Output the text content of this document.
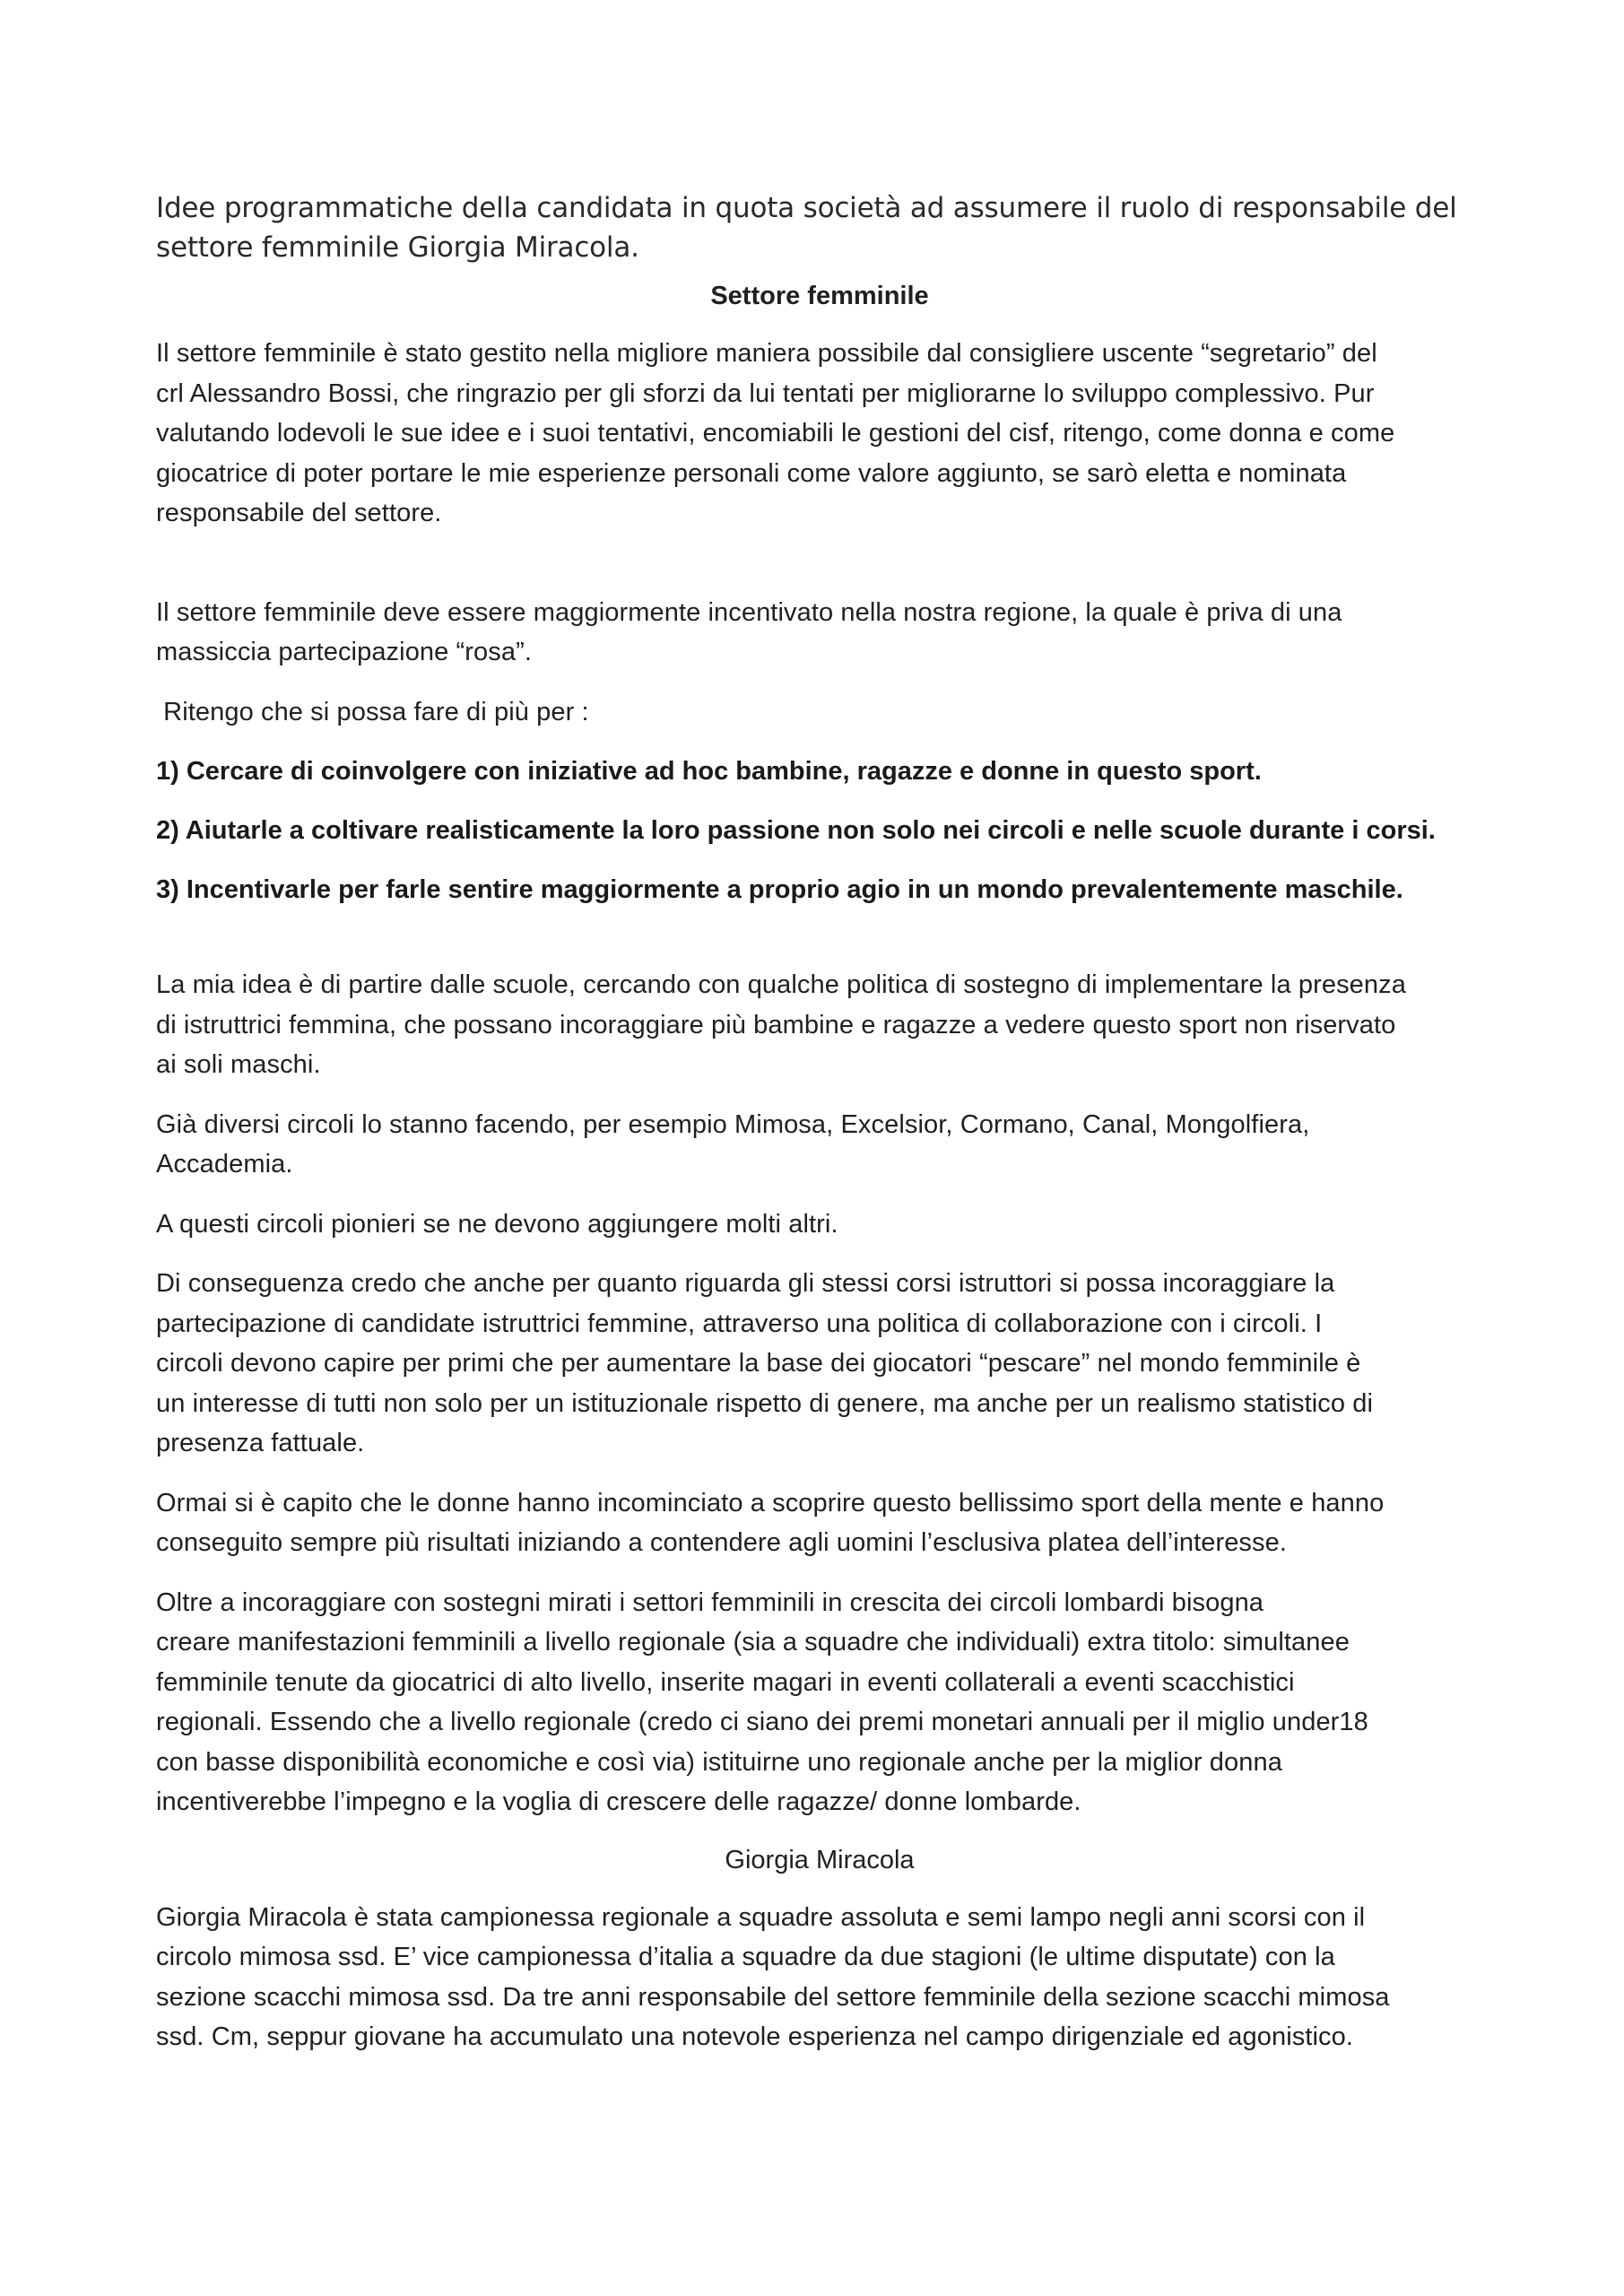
Idee programmatiche della candidata in quota società ad assumere il ruolo di responsabile del

settore femminile Giorgia Miracola.

Settore femminile

Il settore femminile è stato gestito nella migliore maniera possibile dal consigliere uscente “segretario” del

crl Alessandro Bossi, che ringrazio per gli sforzi da lui tentati per migliorarne lo sviluppo complessivo. Pur

valutando lodevoli le sue idee e i suoi tentativi, encomiabili le gestioni del cisf, ritengo, come donna e come

giocatrice di poter portare le mie esperienze personali come valore aggiunto, se sarò eletta e nominata

responsabile del settore.

Il settore femminile deve essere maggiormente incentivato nella nostra regione, la quale è priva di una

massiccia partecipazione “rosa”.

Ritengo che si possa fare di più per :

1) Cercare di coinvolgere con iniziative ad hoc bambine, ragazze e donne in questo sport.

2) Aiutarle a coltivare realisticamente la loro passione non solo nei circoli e nelle scuole durante i corsi.

3) Incentivarle per farle sentire maggiormente a proprio agio in un mondo prevalentemente maschile.

La mia idea è di partire dalle scuole, cercando con qualche politica di sostegno di implementare la presenza

di istruttrici femmina, che possano incoraggiare più bambine e ragazze a vedere questo sport non riservato

ai soli maschi.

Già diversi circoli lo stanno facendo, per esempio Mimosa, Excelsior, Cormano, Canal, Mongolfiera,

Accademia.

A questi circoli pionieri se ne devono aggiungere molti altri.

Di conseguenza credo che anche per quanto riguarda gli stessi corsi istruttori si possa incoraggiare la

partecipazione di candidate istruttrici femmine, attraverso una politica di collaborazione con i circoli. I

circoli devono capire per primi che per aumentare la base dei giocatori “pescare” nel mondo femminile è

un interesse di tutti non solo per un istituzionale rispetto di genere, ma anche per un realismo statistico di

presenza fattuale.

Ormai si è capito che le donne hanno incominciato a scoprire questo bellissimo sport della mente e hanno

conseguito sempre più risultati iniziando a contendere agli uomini l’esclusiva platea dell’interesse.

Oltre a incoraggiare con sostegni mirati i settori femminili in crescita dei circoli lombardi bisogna

creare manifestazioni femminili a livello regionale (sia a squadre che individuali) extra titolo: simultanee

femminile tenute da giocatrici di alto livello, inserite magari in eventi collaterali a eventi scacchistici

regionali. Essendo che a livello regionale (credo ci siano dei premi monetari annuali per il miglio under18

con basse disponibilità economiche e così via) istituirne uno regionale anche per la miglior donna

incentiverebbe l’impegno e la voglia di crescere delle ragazze/ donne lombarde.

Giorgia Miracola

Giorgia Miracola è stata campionessa regionale a squadre assoluta e semi lampo negli anni scorsi con il

circolo mimosa ssd. E’ vice campionessa d’italia a squadre da due stagioni (le ultime disputate) con la

sezione scacchi mimosa ssd. Da tre anni responsabile del settore femminile della sezione scacchi mimosa

ssd. Cm, seppur giovane ha accumulato una notevole esperienza nel campo dirigenziale ed agonistico.
